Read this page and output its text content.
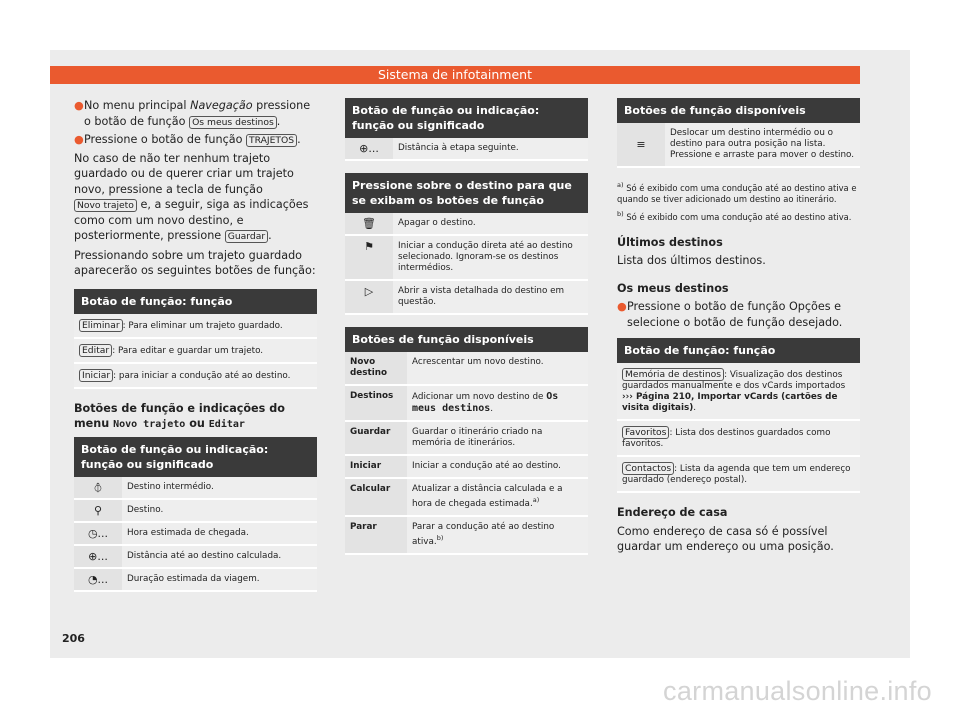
Sistema de infotainment
● No menu principal Navegação pressione o botão de função Os meus destinos .
● Pressione o botão de função TRAJETOS .

No caso de não ter nenhum trajeto guardado ou de querer criar um trajeto novo, pressione a tecla de função Novo trajeto e, a seguir, siga as indicações como com um novo destino, e posteriormente, pressione Guardar .

Pressionando sobre um trajeto guardado aparecerão os seguintes botões de função:

Botão de função: função
Eliminar : Para eliminar um trajeto guardado.
Editar : Para editar e guardar um trajeto.
Iniciar : para iniciar a condução até ao destino.
Botões de função e indicações do menu Novo trajeto ou Editar
Botão de função ou indicação: função ou significado	
⦽	Destino intermédio.
⚲	Destino.
◷...	Hora estimada de chegada.
⊕...	Distância até ao destino calculada.
◔...	Duração estimada da viagem.
Botão de função ou indicação: função ou significado
⊕...	Distância à etapa seguinte.
Pressione sobre o destino para que se exibam os botões de função	
🗑	Apagar o destino.
⚑	Iniciar a condução direta até ao destino selecionado. Ignoram-se os destinos intermédios.
▷	Abrir a vista detalhada do destino em questão.
Botões de função disponíveis	
Novo destino	Acrescentar um novo destino.
Destinos	Adicionar um novo destino de Os meus destinos.
Guardar	Guardar o itinerário criado na memória de itinerários.
Iniciar	Iniciar a condução até ao destino.
Calcular	Atualizar a distância calculada e a hora de chegada estimada.$^{a)}$
Parar	Parar a condução até ao destino ativa.$^{b)}$
Botões de função disponíveis
≡	Deslocar um destino intermédio ou o destino para outra posição na lista. Pressione e arraste para mover o destino.
$^{a)}$ Só é exibido com uma condução até ao destino ativa e quando se tiver adicionado um destino ao itinerário.
$^{b)}$ Só é exibido com uma condução até ao destino ativa.
Últimos destinos

Lista dos últimos destinos.

Os meus destinos
● Pressione o botão de função Opções e selecione o botão de função desejado.
Botão de função: função
Memória de destinos : Visualização dos destinos guardados manualmente e dos vCards importados ››› Página 210, Importar vCards (cartões de visita digitais).
Favoritos : Lista dos destinos guardados como favoritos.
Contactos : Lista da agenda que tem um endereço guardado (endereço postal).
Endereço de casa

Como endereço de casa só é possível guardar um endereço ou uma posição.

206
carmanualsonline.info
